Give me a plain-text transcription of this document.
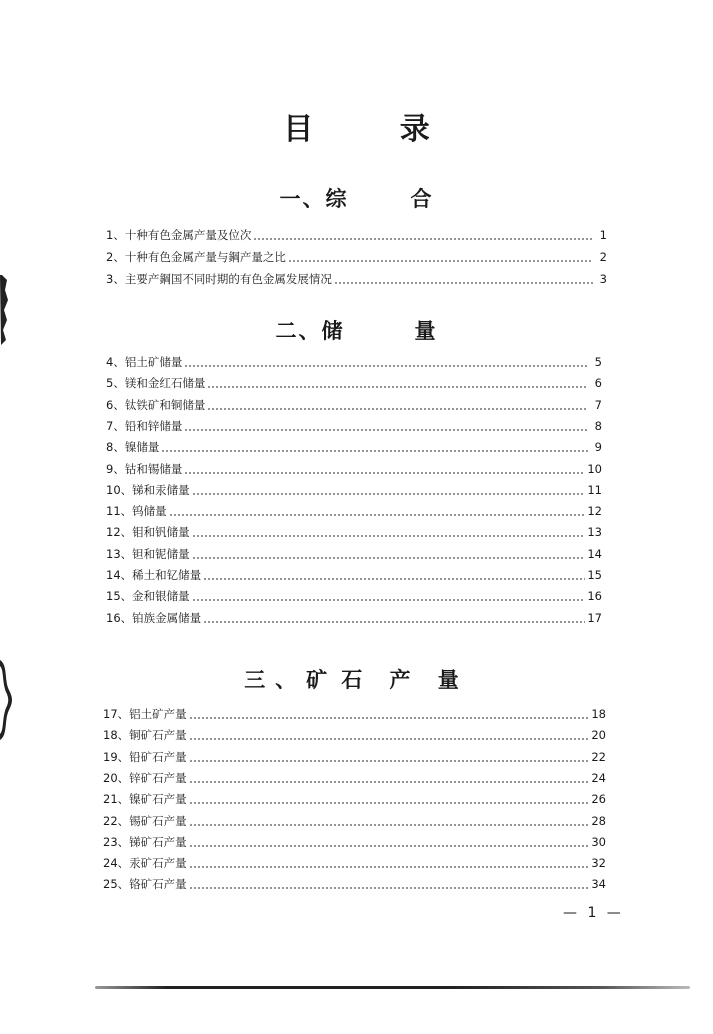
目 录
一、综	合
二、储	量
三、矿 石 产 量
1、十种有色金属产量及位次	1
2、十种有色金属产量与鋼产量之比	2
3、主要产鋼国不同时期的有色金属发展情况	3
4、铝土矿储量	5
5、镁和金红石储量	6
6、钛铁矿和铜储量	7
7、铅和锌储量	8
8、镍储量	9
9、钴和锡储量	10
10、锑和汞储量	11
11、钨储量	12
12、钼和钒储量	13
13、钽和铌储量	14
14、稀土和钇储量	15
15、金和银储量	16
16、铂族金属储量	17
17、铝土矿产量	18
18、铜矿石产量	20
19、铅矿石产量	22
20、锌矿石产量	24
21、镍矿石产量	26
22、锡矿石产量	28
23、锑矿石产量	30
24、汞矿石产量	32
25、铬矿石产量	34
— 1 —
